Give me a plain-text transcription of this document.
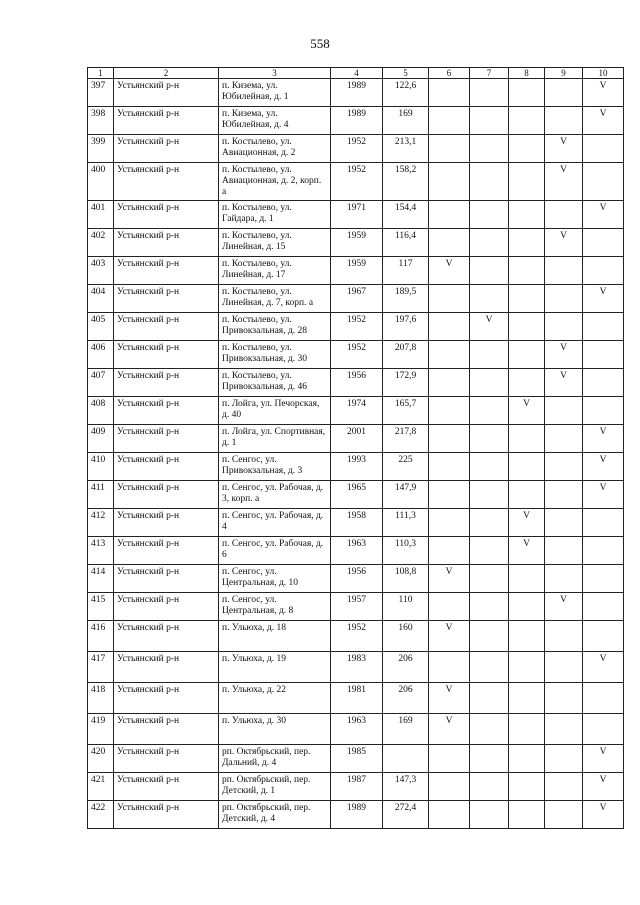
558
1	2	3	4	5	6	7	8	9	10
397	Устьянский р-н	п. Кизема, ул. Юбилейная, д. 1	1989	122,6					V
398	Устьянский р-н	п. Кизема, ул. Юбилейная, д. 4	1989	169					V
399	Устьянский р-н	п. Костылево, ул. Авиационная, д. 2	1952	213,1				V	
400	Устьянский р-н	п. Костылево, ул. Авиационная, д. 2, корп. а	1952	158,2				V	
401	Устьянский р-н	п. Костылево, ул. Гайдара, д. 1	1971	154,4					V
402	Устьянский р-н	п. Костылево, ул. Линейная, д. 15	1959	116,4				V	
403	Устьянский р-н	п. Костылево, ул. Линейная, д. 17	1959	117	V				
404	Устьянский р-н	п. Костылево, ул. Линейная, д. 7, корп. а	1967	189,5					V
405	Устьянский р-н	п. Костылево, ул. Привокзальная, д. 28	1952	197,6		V			
406	Устьянский р-н	п. Костылево, ул. Привокзальная, д. 30	1952	207,8				V	
407	Устьянский р-н	п. Костылево, ул. Привокзальная, д. 46	1956	172,9				V	
408	Устьянский р-н	п. Лойга, ул. Печорская, д. 40	1974	165,7			V		
409	Устьянский р-н	п. Лойга, ул. Спортивная, д. 1	2001	217,8					V
410	Устьянский р-н	п. Сенгос, ул. Привокзальная, д. 3	1993	225					V
411	Устьянский р-н	п. Сенгос, ул. Рабочая, д. 3, корп. а	1965	147,9					V
412	Устьянский р-н	п. Сенгос, ул. Рабочая, д. 4	1958	111,3			V		
413	Устьянский р-н	п. Сенгос, ул. Рабочая, д. 6	1963	110,3			V		
414	Устьянский р-н	п. Сенгос, ул. Центральная, д. 10	1956	108,8	V				
415	Устьянский р-н	п. Сенгос, ул. Центральная, д. 8	1957	110				V	
416	Устьянский р-н	п. Ульюха, д. 18	1952	160	V				
417	Устьянский р-н	п. Ульюха, д. 19	1983	206					V
418	Устьянский р-н	п. Ульюха, д. 22	1981	206	V				
419	Устьянский р-н	п. Ульюха, д. 30	1963	169	V				
420	Устьянский р-н	рп. Октябрьский, пер. Дальний, д. 4	1985						V
421	Устьянский р-н	рп. Октябрьский, пер. Детский, д. 1	1987	147,3					V
422	Устьянский р-н	рп. Октябрьский, пер. Детский, д. 4	1989	272,4					V
